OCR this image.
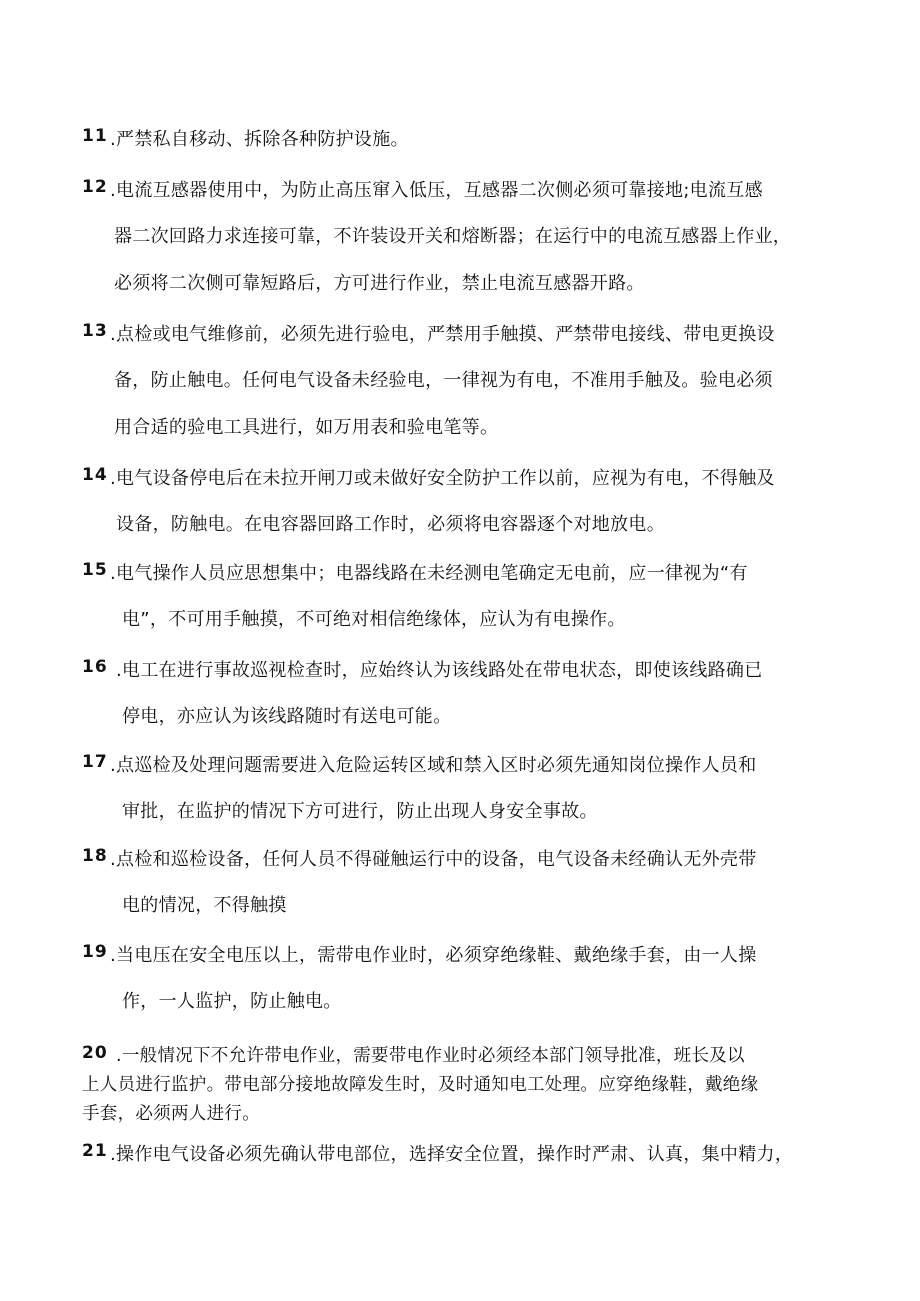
11 .严禁私自移动、拆除各种防护设施。
12 .电流互感器使用中，为防止高压窜入低压，互感器二次侧必须可靠接地;电流互感
器二次回路力求连接可靠，不许装设开关和熔断器；在运行中的电流互感器上作业，
必须将二次侧可靠短路后，方可进行作业，禁止电流互感器开路。
13 .点检或电气维修前，必须先进行验电，严禁用手触摸、严禁带电接线、带电更换设
备，防止触电。任何电气设备未经验电，一律视为有电，不准用手触及。验电必须
用合适的验电工具进行，如万用表和验电笔等。
14 .电气设备停电后在未拉开闸刀或未做好安全防护工作以前，应视为有电，不得触及
设备，防触电。在电容器回路工作时，必须将电容器逐个对地放电。
15 .电气操作人员应思想集中；电器线路在未经测电笔确定无电前，应一律视为“有
电”，不可用手触摸，不可绝对相信绝缘体，应认为有电操作。
16 .电工在进行事故巡视检查时，应始终认为该线路处在带电状态，即使该线路确已
停电，亦应认为该线路随时有送电可能。
17 .点巡检及处理问题需要进入危险运转区域和禁入区时必须先通知岗位操作人员和
审批，在监护的情况下方可进行，防止出现人身安全事故。
18 .点检和巡检设备，任何人员不得碰触运行中的设备，电气设备未经确认无外壳带
电的情况，不得触摸
19 .当电压在安全电压以上，需带电作业时，必须穿绝缘鞋、戴绝缘手套，由一人操
作，一人监护，防止触电。
20 .一般情况下不允许带电作业，需要带电作业时必须经本部门领导批准，班长及以
上人员进行监护。带电部分接地故障发生时，及时通知电工处理。应穿绝缘鞋，戴绝缘
手套，必须两人进行。
21 .操作电气设备必须先确认带电部位，选择安全位置，操作时严肃、认真，集中精力，
